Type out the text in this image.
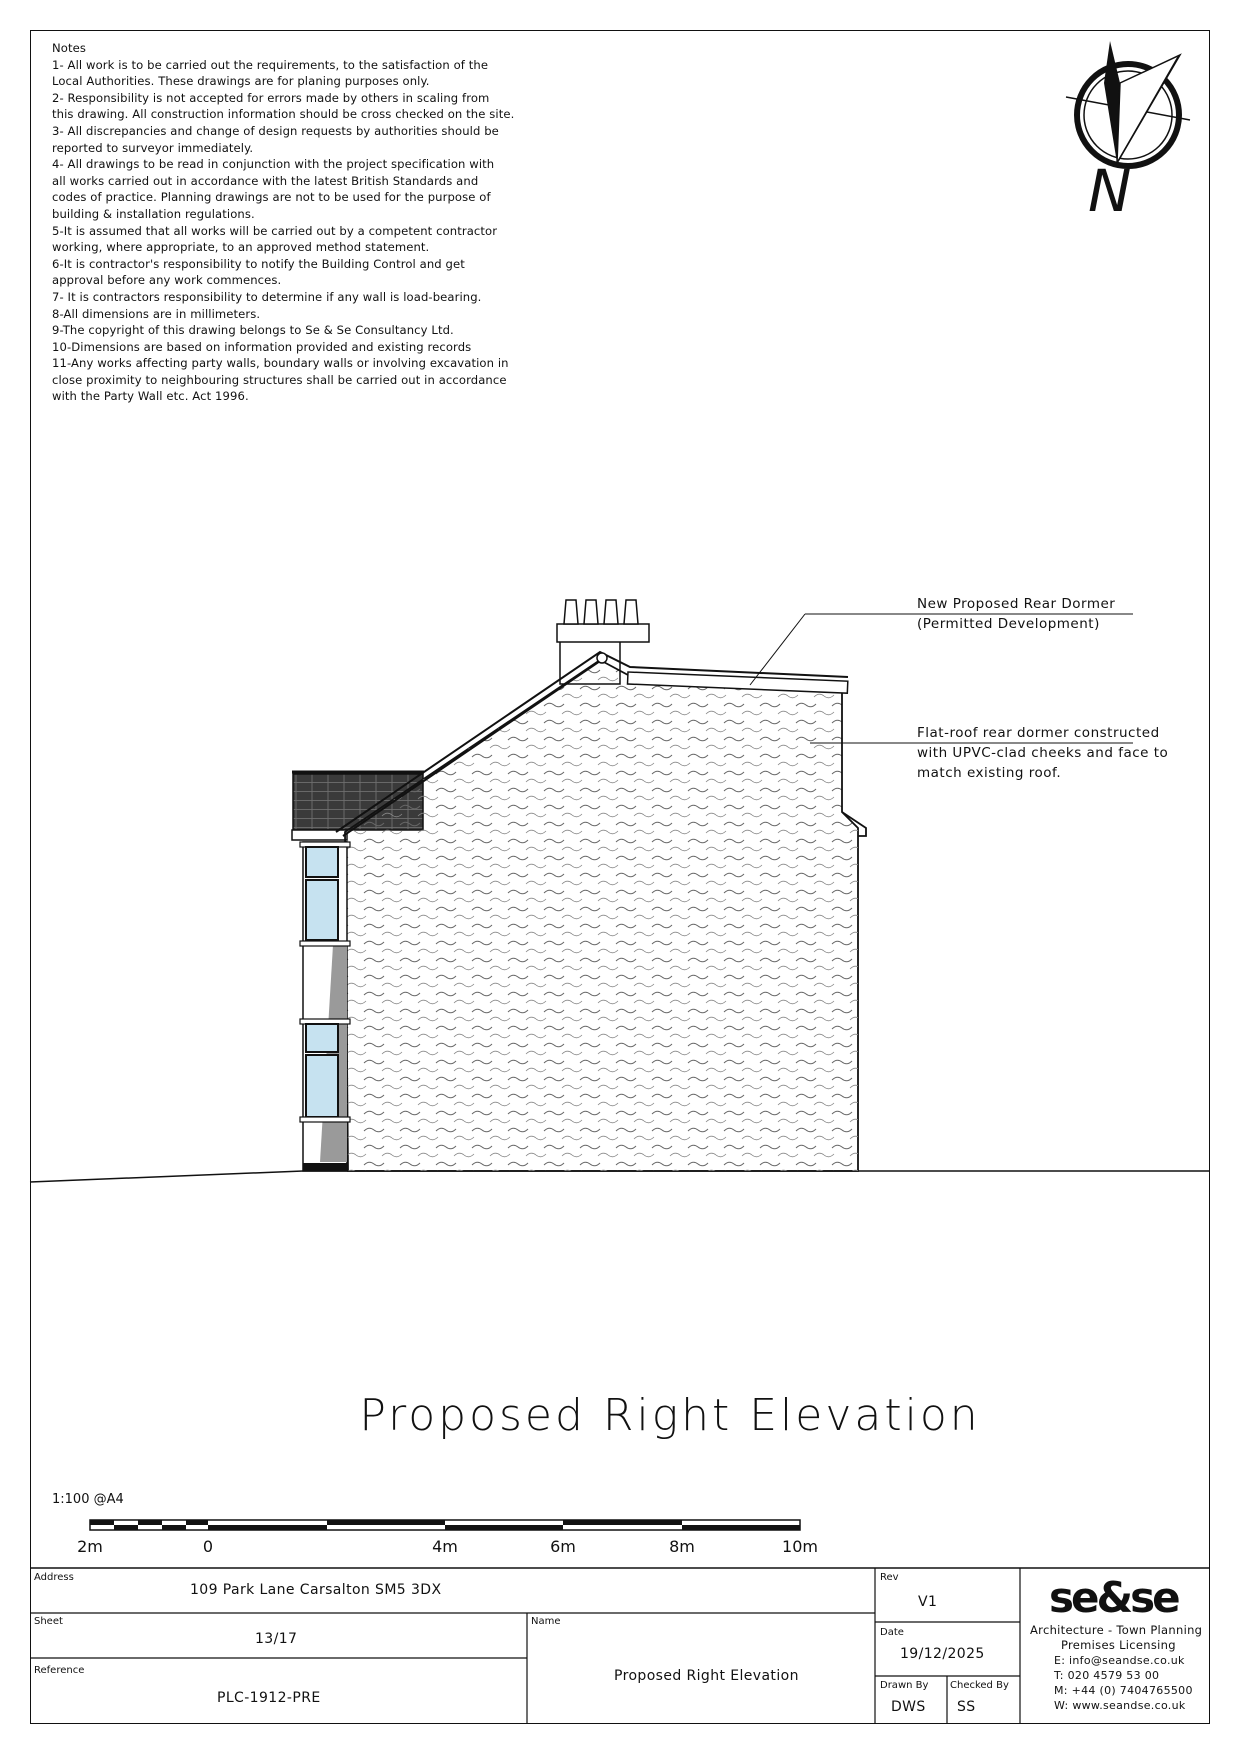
Notes
1- All work is to be carried out the requirements, to the satisfaction of the
Local Authorities. These drawings are for planing purposes only.
2- Responsibility is not accepted for errors made by others in scaling from
this drawing. All construction information should be cross checked on the site.
3- All discrepancies and change of design requests by authorities should be
reported to surveyor immediately.
4- All drawings to be read in conjunction with the project specification with
all works carried out in accordance with the latest British Standards and
codes of practice. Planning drawings are not to be used for the purpose of
building & installation regulations.
5-It is assumed that all works will be carried out by a competent contractor
working, where appropriate, to an approved method statement.
6-It is contractor's responsibility to notify the Building Control and get
approval before any work commences.
7- It is contractors responsibility to determine if any wall is load-bearing.
8-All dimensions are in millimeters.
9-The copyright of this drawing belongs to Se & Se Consultancy Ltd.
10-Dimensions are based on information provided and existing records
11-Any works affecting party walls, boundary walls or involving excavation in
close proximity to neighbouring structures shall be carried out in accordance
with the Party Wall etc. Act 1996.
N
New Proposed Rear Dormer
(Permitted Development)
Flat-roof rear dormer constructed
with UPVC-clad cheeks and face to
match existing roof.
Proposed Right Elevation
1:100 @A4
2m	0	4m	6m	8m	10m
Address
109 Park Lane Carsalton SM5 3DX
Sheet
13/17
Reference
PLC-1912-PRE
Name
Proposed Right Elevation
Rev
V1
Date
19/12/2025
Drawn By
DWS
Checked By
SS
se&se
Architecture - Town Planning
Premises Licensing
E: info@seandse.co.uk
T: 020 4579 53 00
M: +44 (0) 7404765500
W: www.seandse.co.uk
